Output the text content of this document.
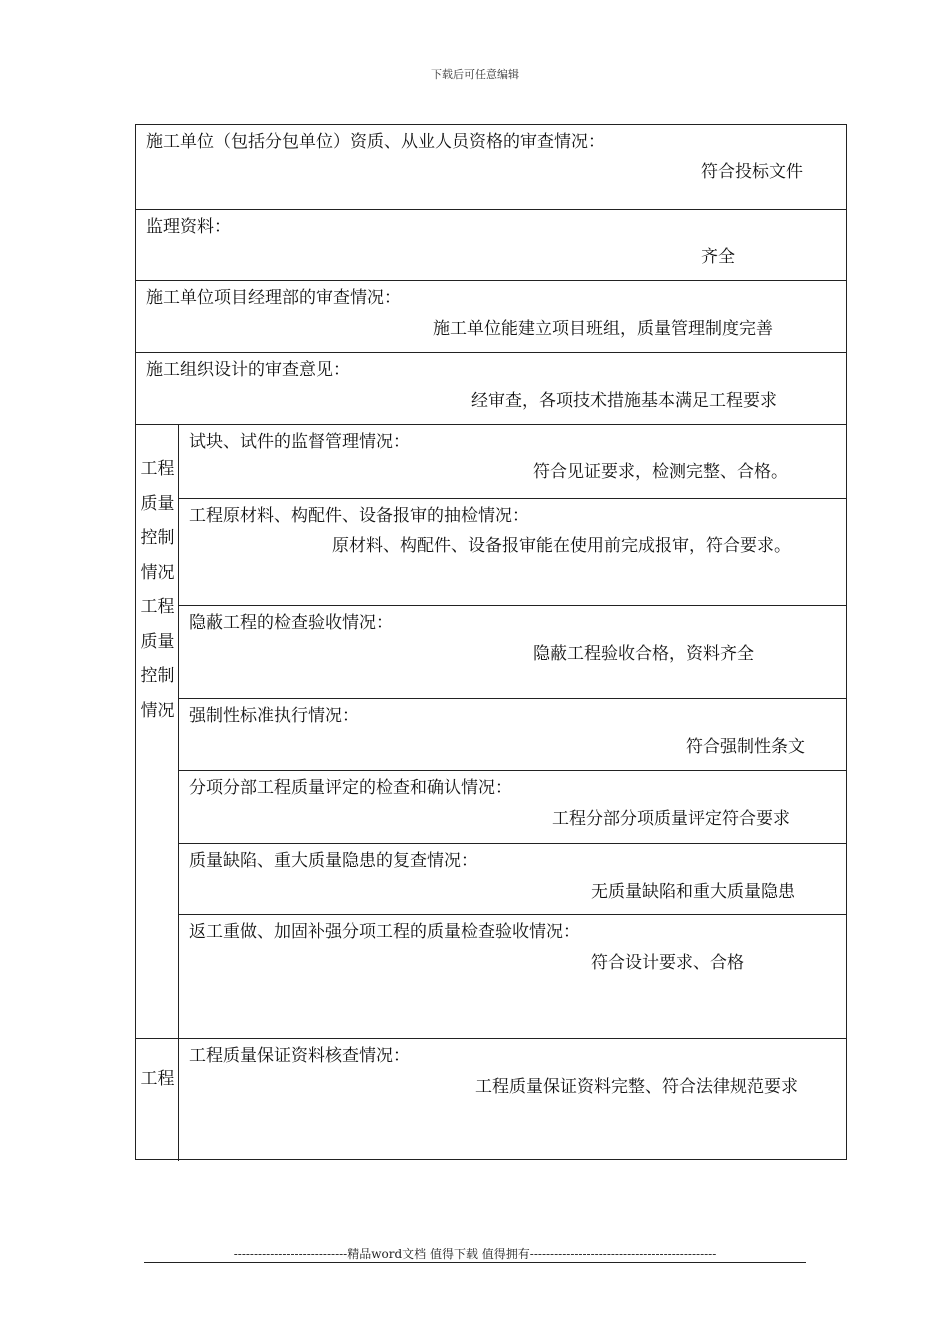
下载后可任意编辑
施工单位（包括分包单位）资质、从业人员资格的审查情况：
符合投标文件
监理资料：
齐全
施工单位项目经理部的审查情况：
施工单位能建立项目班组，质量管理制度完善
施工组织设计的审查意见：
经审查，各项技术措施基本满足工程要求
工程质量控制情况工程质量控制情况
试块、试件的监督管理情况：
符合见证要求，检测完整、合格。
工程原材料、构配件、设备报审的抽检情况：
原材料、构配件、设备报审能在使用前完成报审，符合要求。
隐蔽工程的检查验收情况：
隐蔽工程验收合格，资料齐全
强制性标准执行情况：
符合强制性条文
分项分部工程质量评定的检查和确认情况：
工程分部分项质量评定符合要求
质量缺陷、重大质量隐患的复查情况：
无质量缺陷和重大质量隐患
返工重做、加固补强分项工程的质量检查验收情况：
符合设计要求、合格
工程
工程质量保证资料核查情况：
工程质量保证资料完整、符合法律规范要求
----------------------------精品word文档 值得下载 值得拥有----------------------------------------------
